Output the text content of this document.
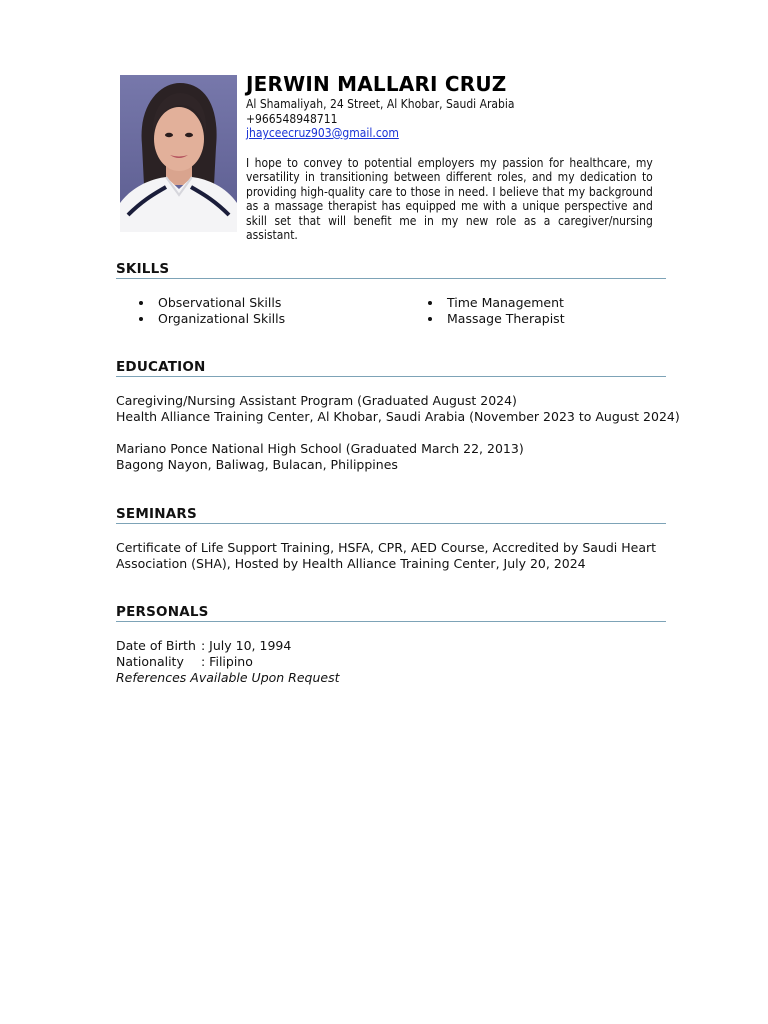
JERWIN MALLARI CRUZ
Al Shamaliyah, 24 Street, Al Khobar, Saudi Arabia
+966548948711
jhayceecruz903@gmail.com
I hope to convey to potential employers my passion for healthcare, my versatility in transitioning between different roles, and my dedication to providing high-quality care to those in need. I believe that my background as a massage therapist has equipped me with a unique perspective and skill set that will benefit me in my new role as a caregiver/nursing assistant.
SKILLS
Observational Skills	Time Management
Organizational Skills	Massage Therapist
EDUCATION
Caregiving/Nursing Assistant Program (Graduated August 2024)
Health Alliance Training Center, Al Khobar, Saudi Arabia (November 2023 to August 2024)
Mariano Ponce National High School (Graduated March 22, 2013)
Bagong Nayon, Baliwag, Bulacan, Philippines
SEMINARS
Certificate of Life Support Training, HSFA, CPR, AED Course, Accredited by Saudi Heart
Association (SHA), Hosted by Health Alliance Training Center, July 20, 2024
PERSONALS
Date of Birth : July 10, 1994
Nationality	: Filipino
References Available Upon Request
